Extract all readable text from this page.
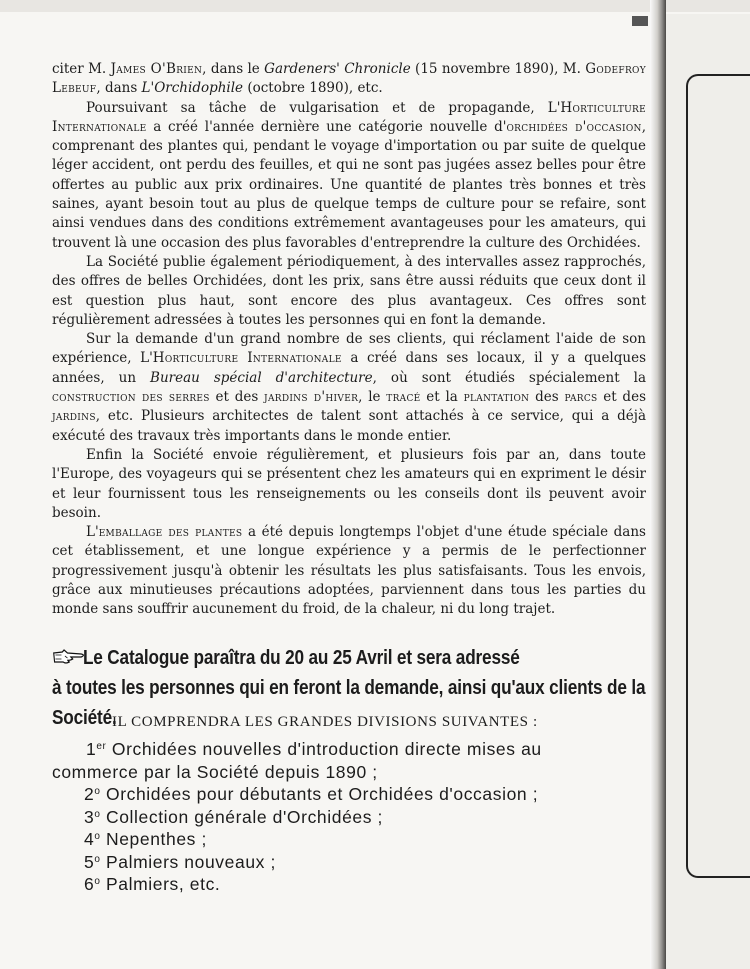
citer M. James O'Brien, dans le Gardeners' Chronicle (15 novembre 1890), M. Godefroy Lebeuf, dans L'Orchidophile (octobre 1890), etc.

Poursuivant sa tâche de vulgarisation et de propagande, L'Horticulture Internationale a créé l'année dernière une catégorie nouvelle d'orchidées d'occasion, comprenant des plantes qui, pendant le voyage d'importation ou par suite de quelque léger accident, ont perdu des feuilles, et qui ne sont pas jugées assez belles pour être offertes au public aux prix ordinaires. Une quantité de plantes très bonnes et très saines, ayant besoin tout au plus de quelque temps de culture pour se refaire, sont ainsi vendues dans des conditions extrêmement avantageuses pour les amateurs, qui trouvent là une occasion des plus favorables d'entreprendre la culture des Orchidées.

La Société publie également périodiquement, à des intervalles assez rapprochés, des offres de belles Orchidées, dont les prix, sans être aussi réduits que ceux dont il est question plus haut, sont encore des plus avantageux. Ces offres sont régulièrement adressées à toutes les personnes qui en font la demande.

Sur la demande d'un grand nombre de ses clients, qui réclament l'aide de son expérience, L'Horticulture Internationale a créé dans ses locaux, il y a quelques années, un Bureau spécial d'architecture, où sont étudiés spécialement la construction des serres et des jardins d'hiver, le tracé et la plantation des parcs et des jardins, etc. Plusieurs architectes de talent sont attachés à ce service, qui a déjà exécuté des travaux très importants dans le monde entier.

Enfin la Société envoie régulièrement, et plusieurs fois par an, dans toute l'Europe, des voyageurs qui se présentent chez les amateurs qui en expriment le désir et leur fournissent tous les renseignements ou les conseils dont ils peuvent avoir besoin.

L'emballage des plantes a été depuis longtemps l'objet d'une étude spéciale dans cet établissement, et une longue expérience y a permis de le perfectionner progressivement jusqu'à obtenir les résultats les plus satisfaisants. Tous les envois, grâce aux minutieuses précautions adoptées, parviennent dans tous les parties du monde sans souffrir aucunement du froid, de la chaleur, ni du long trajet.

Le Catalogue paraîtra du 20 au 25 Avril et sera adressé
à toutes les personnes qui en feront la demande, ainsi qu'aux clients de la Société.
IL COMPRENDRA LES GRANDES DIVISIONS SUIVANTES :
1er Orchidées nouvelles d'introduction directe mises au
commerce par la Société depuis 1890 ;
2$^o$ Orchidées pour débutants et Orchidées d'occasion ;
3$^o$ Collection générale d'Orchidées ;
4$^o$ Nepenthes ;
5$^o$ Palmiers nouveaux ;
6$^o$ Palmiers, etc.
